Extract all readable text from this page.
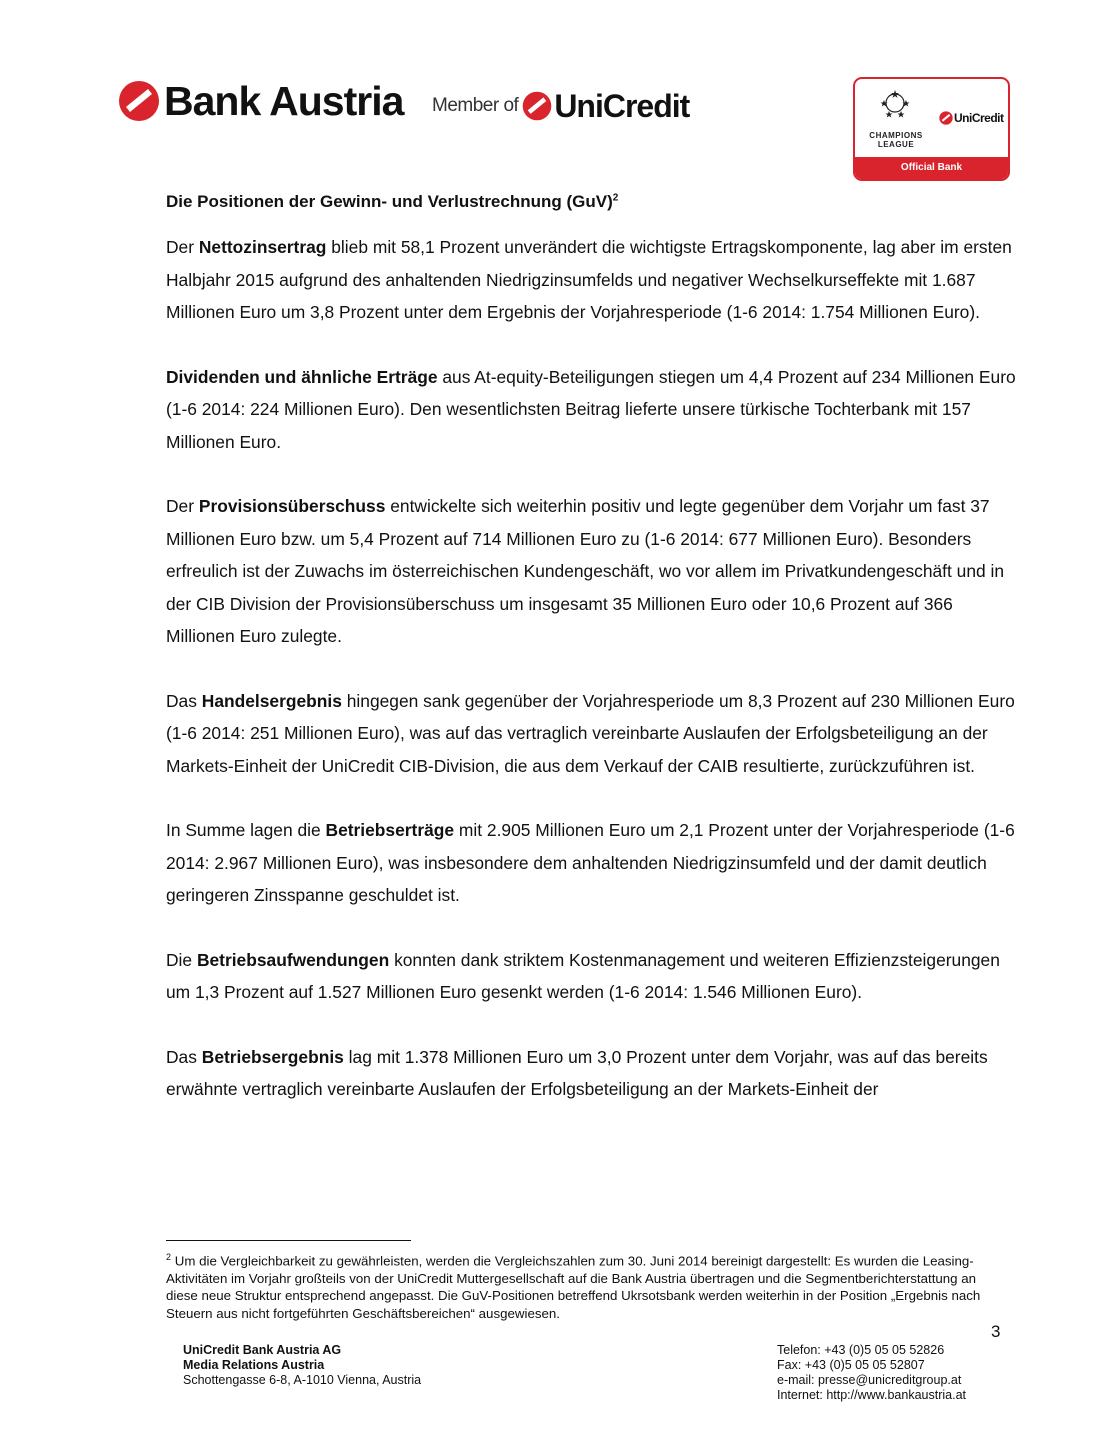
Bank Austria Member of UniCredit
CHAMPIONS
LEAGUE
UniCredit
Official Bank
Die Positionen der Gewinn- und Verlustrechnung (GuV)$^2$

Der Nettozinsertrag blieb mit 58,1 Prozent unverändert die wichtigste Ertragskomponente, lag aber im ersten Halbjahr 2015 aufgrund des anhaltenden Niedrigzinsumfelds und negativer Wechselkurseffekte mit 1.687 Millionen Euro um 3,8 Prozent unter dem Ergebnis der Vorjahresperiode (1-6 2014: 1.754 Millionen Euro).

Dividenden und ähnliche Erträge aus At-equity-Beteiligungen stiegen um 4,4 Prozent auf 234 Millionen Euro (1-6 2014: 224 Millionen Euro). Den wesentlichsten Beitrag lieferte unsere türkische Tochterbank mit 157 Millionen Euro.

Der Provisionsüberschuss entwickelte sich weiterhin positiv und legte gegenüber dem Vorjahr um fast 37 Millionen Euro bzw. um 5,4 Prozent auf 714 Millionen Euro zu (1-6 2014: 677 Millionen Euro). Besonders erfreulich ist der Zuwachs im österreichischen Kundengeschäft, wo vor allem im Privatkundengeschäft und in der CIB Division der Provisionsüberschuss um insgesamt 35 Millionen Euro oder 10,6 Prozent auf 366 Millionen Euro zulegte.

Das Handelsergebnis hingegen sank gegenüber der Vorjahresperiode um 8,3 Prozent auf 230 Millionen Euro (1-6 2014: 251 Millionen Euro), was auf das vertraglich vereinbarte Auslaufen der Erfolgsbeteiligung an der Markets-Einheit der UniCredit CIB-Division, die aus dem Verkauf der CAIB resultierte, zurückzuführen ist.

In Summe lagen die Betriebserträge mit 2.905 Millionen Euro um 2,1 Prozent unter der Vorjahresperiode (1-6 2014: 2.967 Millionen Euro), was insbesondere dem anhaltenden Niedrigzinsumfeld und der damit deutlich geringeren Zinsspanne geschuldet ist.

Die Betriebsaufwendungen konnten dank striktem Kostenmanagement und weiteren Effizienzsteigerungen um 1,3 Prozent auf 1.527 Millionen Euro gesenkt werden (1-6 2014: 1.546 Millionen Euro).

Das Betriebsergebnis lag mit 1.378 Millionen Euro um 3,0 Prozent unter dem Vorjahr, was auf das bereits erwähnte vertraglich vereinbarte Auslaufen der Erfolgsbeteiligung an der Markets-Einheit der

$^2$ Um die Vergleichbarkeit zu gewährleisten, werden die Vergleichszahlen zum 30. Juni 2014 bereinigt dargestellt: Es wurden die Leasing-Aktivitäten im Vorjahr großteils von der UniCredit Muttergesellschaft auf die Bank Austria übertragen und die Segmentberichterstattung an diese neue Struktur entsprechend angepasst. Die GuV-Positionen betreffend Ukrsotsbank werden weiterhin in der Position „Ergebnis nach Steuern aus nicht fortgeführten Geschäftsbereichen“ ausgewiesen.

3
UniCredit Bank Austria AG
Media Relations Austria
Schottengasse 6-8, A-1010 Vienna, Austria
Telefon: +43 (0)5 05 05 52826
Fax: +43 (0)5 05 05 52807
e-mail: presse@unicreditgroup.at
Internet: http://www.bankaustria.at
